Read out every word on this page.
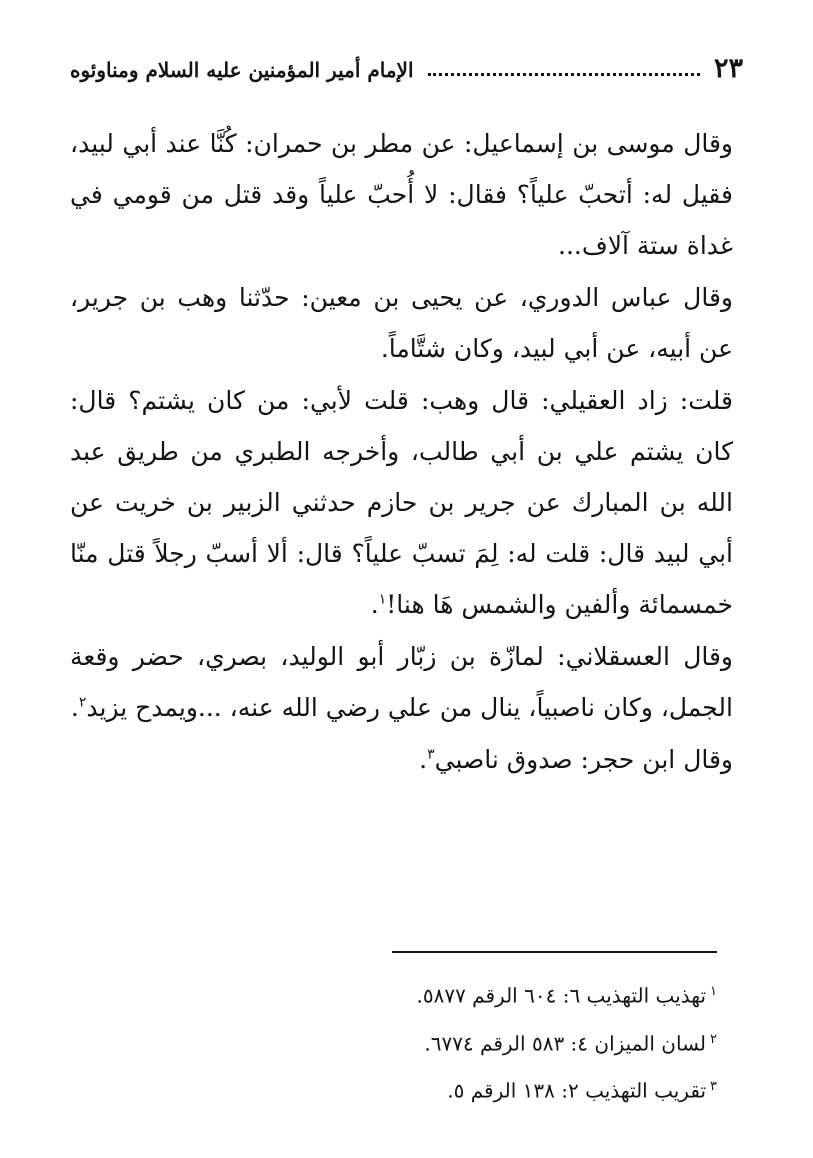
٢٣
الإمام أمير المؤمنين عليه السلام ومناوئوه

وقال موسى بن إسماعيل: عن مطر بن حمران: كُنَّا عند أبي لبيد، فقيل له: أتحبّ علياً؟ فقال: لا أُحبّ علياً وقد قتل من قومي في غداة ستة آلاف...

وقال عباس الدوري، عن يحيى بن معين: حدّثنا وهب بن جرير، عن أبيه، عن أبي لبيد، وكان شتَّاماً.

قلت: زاد العقيلي: قال وهب: قلت لأبي: من كان يشتم؟ قال: كان يشتم علي بن أبي طالب، وأخرجه الطبري من طريق عبد الله بن المبارك عن جرير بن حازم حدثني الزبير بن خريت عن أبي لبيد قال: قلت له: لِمَ تسبّ علياً؟ قال: ألا أسبّ رجلاً قتل منّا خمسمائة وألفين والشمس هَا هنا!$^١$.

وقال العسقلاني: لمازّة بن زبّار أبو الوليد، بصري، حضر وقعة الجمل، وكان ناصبياً، ينال من علي رضي الله عنه، ...ويمدح يزيد$^٢$.

وقال ابن حجر: صدوق ناصبي$^٣$.

$^١$تهذيب التهذيب ٦: ٦٠٤ الرقم ٥٨٧٧.

$^٢$لسان الميزان ٤: ٥٨٣ الرقم ٦٧٧٤.

$^٣$تقريب التهذيب ٢: ١٣٨ الرقم ٥.
